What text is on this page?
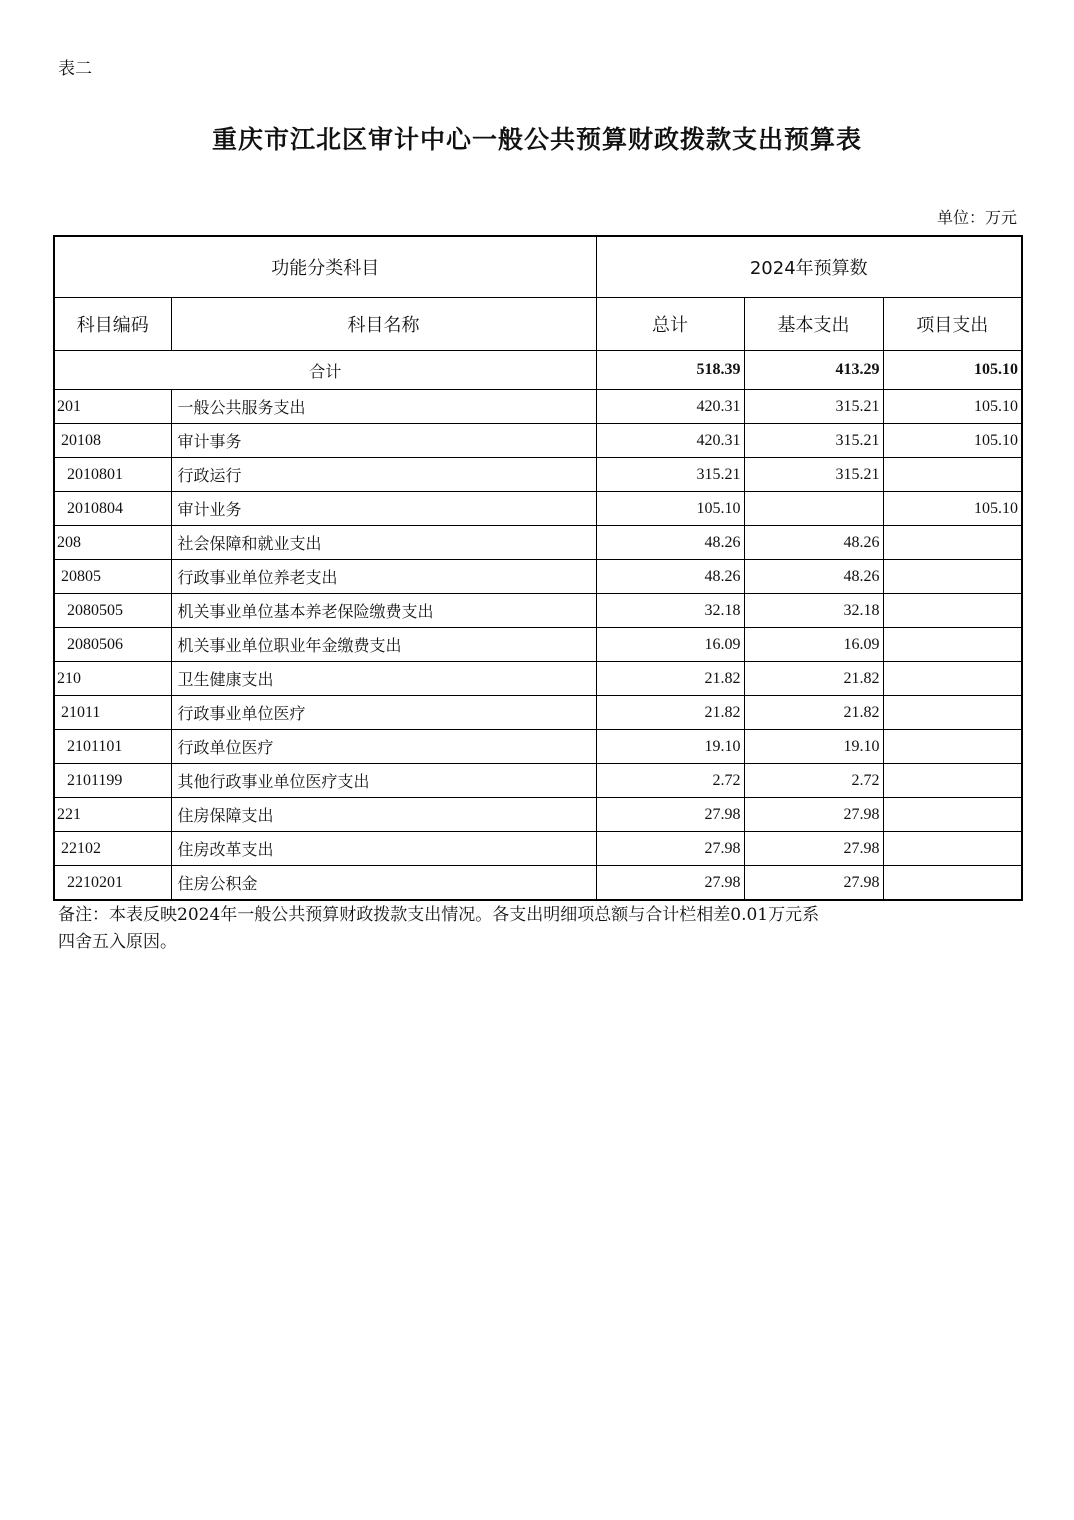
表二
重庆市江北区审计中心一般公共预算财政拨款支出预算表
单位：万元
功能分类科目		2024年预算数		
科目编码	科目名称	总计	基本支出	项目支出
合计		518.39	413.29	105.10
201	一般公共服务支出	420.31	315.21	105.10
20108	审计事务	420.31	315.21	105.10
2010801	行政运行	315.21	315.21	
2010804	审计业务	105.10		105.10
208	社会保障和就业支出	48.26	48.26	
20805	行政事业单位养老支出	48.26	48.26	
2080505	机关事业单位基本养老保险缴费支出	32.18	32.18	
2080506	机关事业单位职业年金缴费支出	16.09	16.09	
210	卫生健康支出	21.82	21.82	
21011	行政事业单位医疗	21.82	21.82	
2101101	行政单位医疗	19.10	19.10	
2101199	其他行政事业单位医疗支出	2.72	2.72	
221	住房保障支出	27.98	27.98	
22102	住房改革支出	27.98	27.98	
2210201	住房公积金	27.98	27.98	
备注：本表反映2024年一般公共预算财政拨款支出情况。各支出明细项总额与合计栏相差0.01万元系
四舍五入原因。
